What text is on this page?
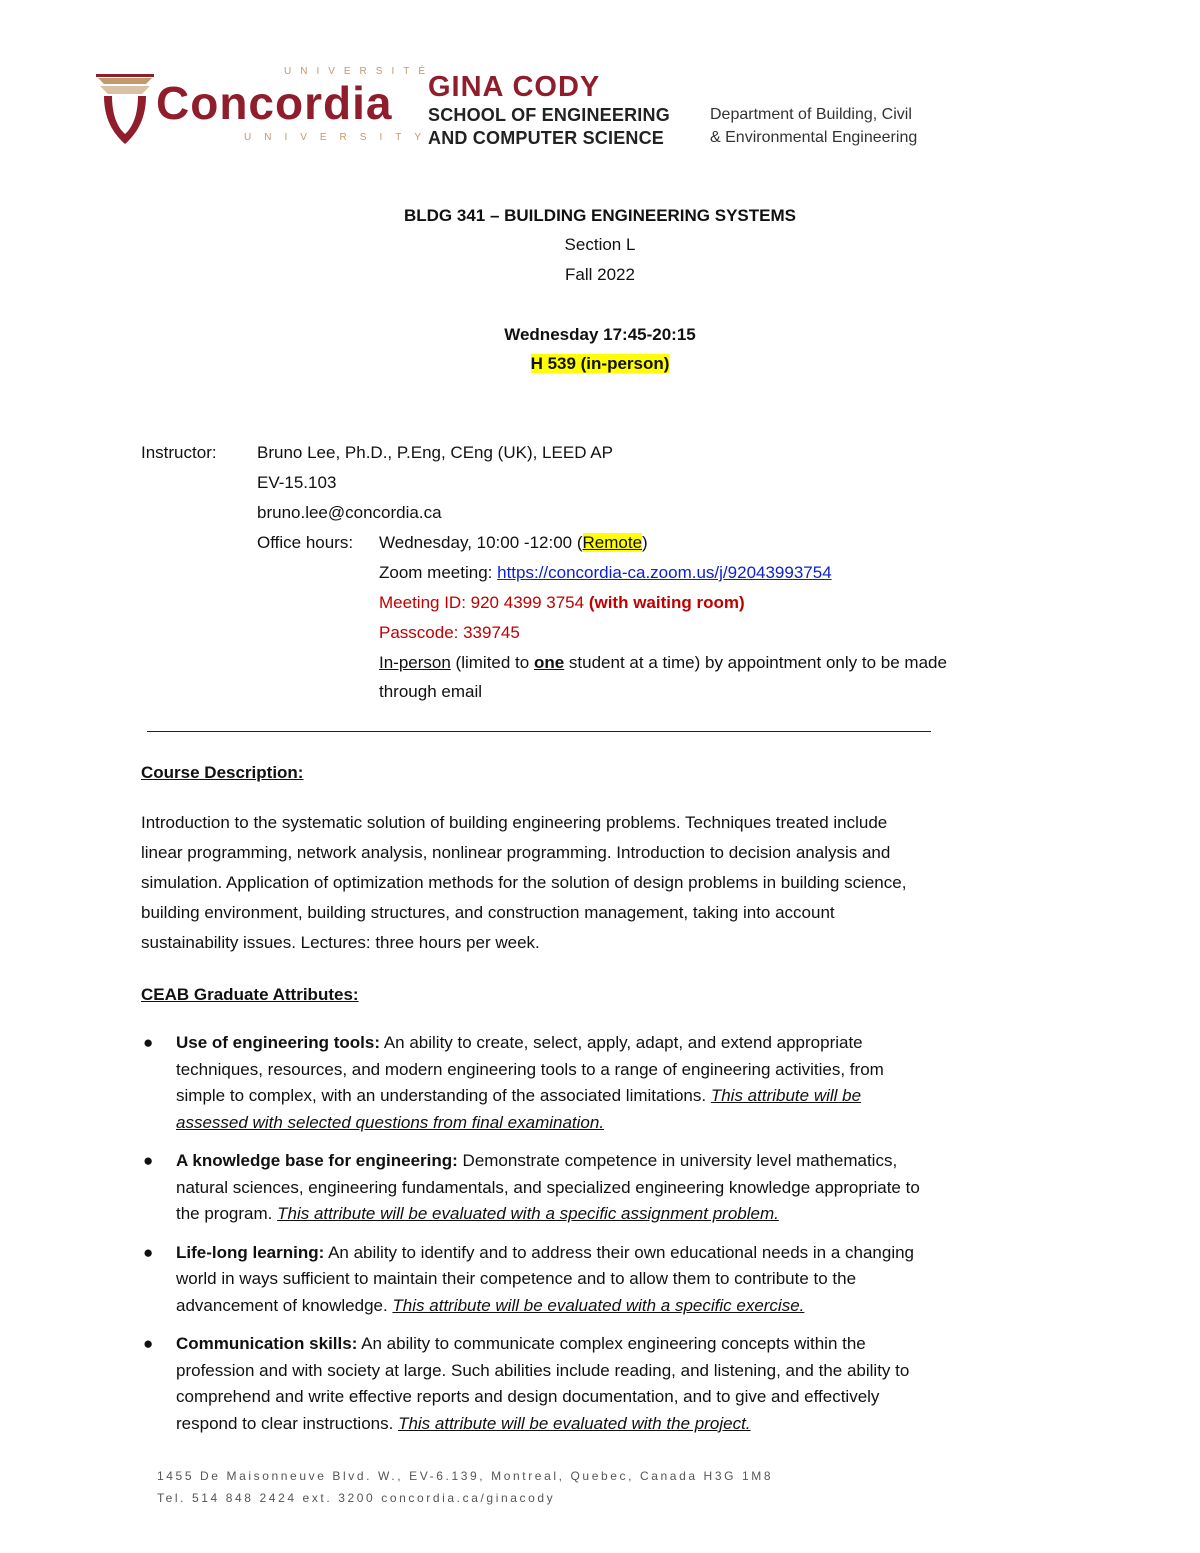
UNIVERSITÉ
Concordia
UNIVERSITY
GINA CODY
SCHOOL OF ENGINEERING
AND COMPUTER SCIENCE
Department of Building, Civil
& Environmental Engineering
BLDG 341 – BUILDING ENGINEERING SYSTEMS
Section L
Fall 2022
Wednesday 17:45-20:15
H 539 (in-person)
Instructor: Bruno Lee, Ph.D., P.Eng, CEng (UK), LEED AP
EV-15.103
bruno.lee@concordia.ca
Office hours: Wednesday, 10:00 -12:00 (Remote)
Zoom meeting: https://concordia-ca.zoom.us/j/92043993754
Meeting ID: 920 4399 3754 (with waiting room)
Passcode: 339745
In-person (limited to one student at a time) by appointment only to be made
through email
Course Description:
Introduction to the systematic solution of building engineering problems. Techniques treated include
linear programming, network analysis, nonlinear programming. Introduction to decision analysis and
simulation. Application of optimization methods for the solution of design problems in building science,
building environment, building structures, and construction management, taking into account
sustainability issues. Lectures: three hours per week.
CEAB Graduate Attributes:
● Use of engineering tools: An ability to create, select, apply, adapt, and extend appropriate
techniques, resources, and modern engineering tools to a range of engineering activities, from
simple to complex, with an understanding of the associated limitations. This attribute will be
assessed with selected questions from final examination.
● A knowledge base for engineering: Demonstrate competence in university level mathematics,
natural sciences, engineering fundamentals, and specialized engineering knowledge appropriate to
the program. This attribute will be evaluated with a specific assignment problem.
● Life-long learning: An ability to identify and to address their own educational needs in a changing
world in ways sufficient to maintain their competence and to allow them to contribute to the
advancement of knowledge. This attribute will be evaluated with a specific exercise.
● Communication skills: An ability to communicate complex engineering concepts within the
profession and with society at large. Such abilities include reading, and listening, and the ability to
comprehend and write effective reports and design documentation, and to give and effectively
respond to clear instructions. This attribute will be evaluated with the project.
1455 De Maisonneuve Blvd. W., EV-6.139, Montreal, Quebec, Canada H3G 1M8
Tel. 514 848 2424 ext. 3200 concordia.ca/ginacody
